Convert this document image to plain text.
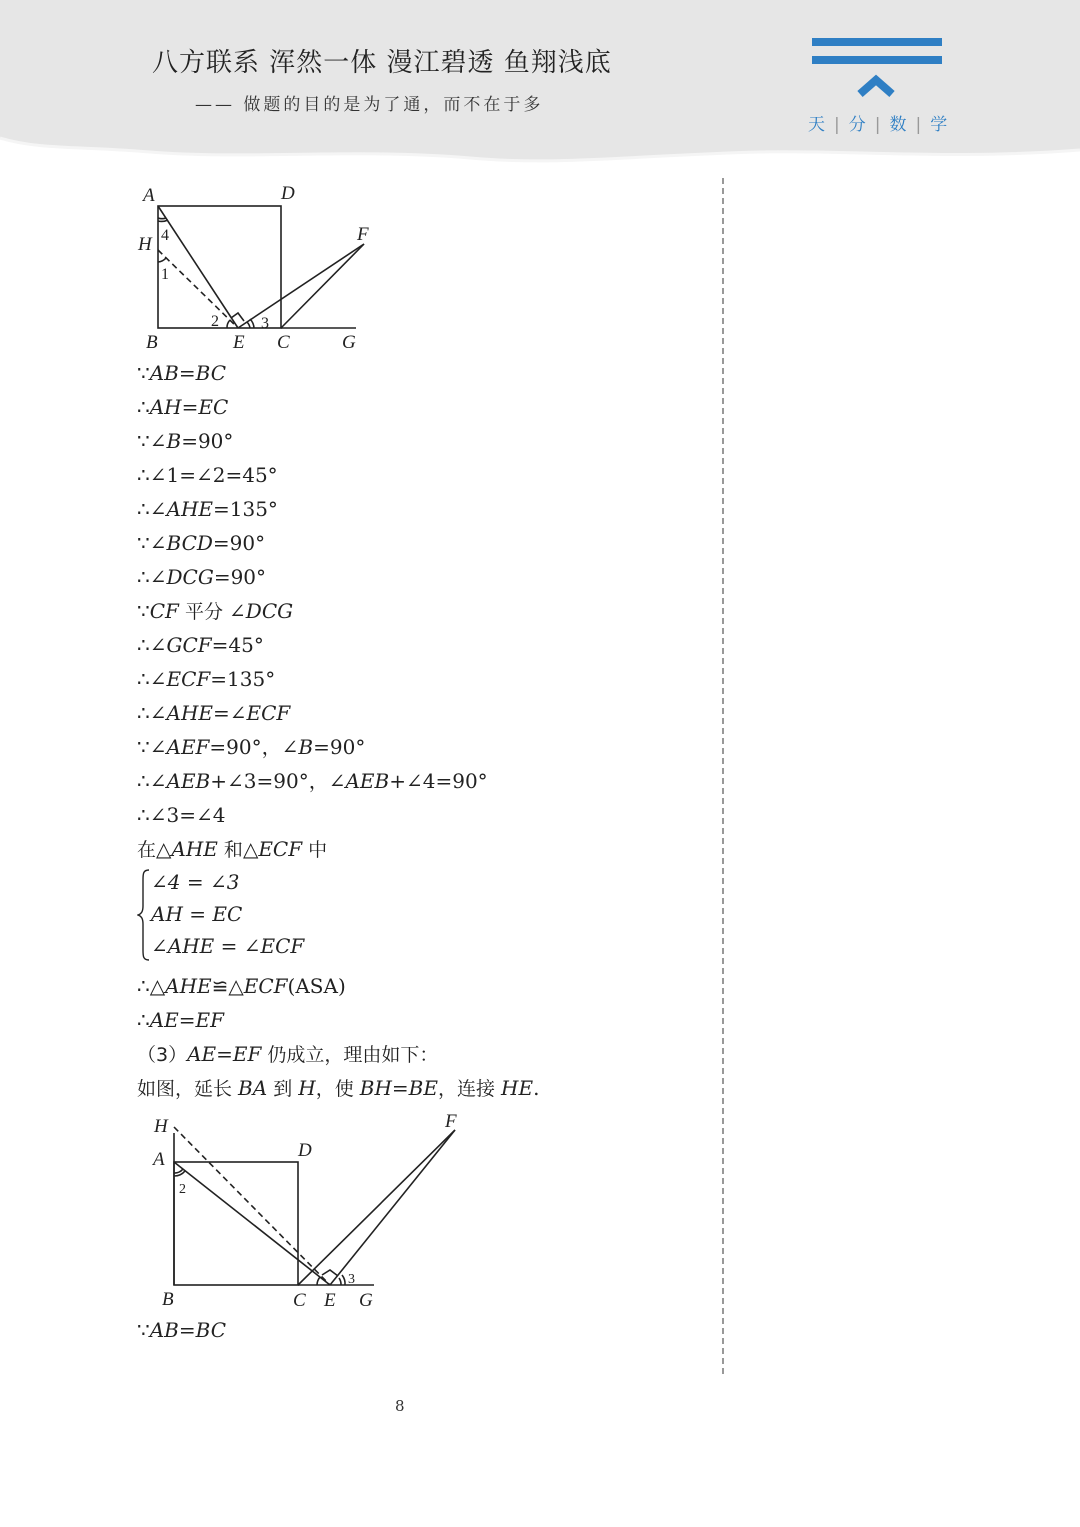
八方联系 浑然一体 漫江碧透 鱼翔浅底
—— 做题的目的是为了通，而不在于多
天 | 分 | 数 | 学
A	D
H	F
B	E C	G
4
1
2	3
∵AB=BC
∴AH=EC
∵∠B=90°
∴∠1=∠2=45°
∴∠AHE=135°
∵∠BCD=90°
∴∠DCG=90°
∵CF 平分 ∠DCG
∴∠GCF=45°
∴∠ECF=135°
∴∠AHE=∠ECF
∵∠AEF=90°，∠B=90°
∴∠AEB+∠3=90°，∠AEB+∠4=90°
∴∠3=∠4
在△AHE 和△ECF 中
∠4 = ∠3
AH = EC
∠AHE = ∠ECF
∴△AHE≌△ECF(ASA)
∴AE=EF
（3）AE=EF 仍成立，理由如下：
如图，延长 BA 到 H，使 BH=BE，连接 HE.
H
A	D
F
B	C E G
2
3
∵AB=BC
8
